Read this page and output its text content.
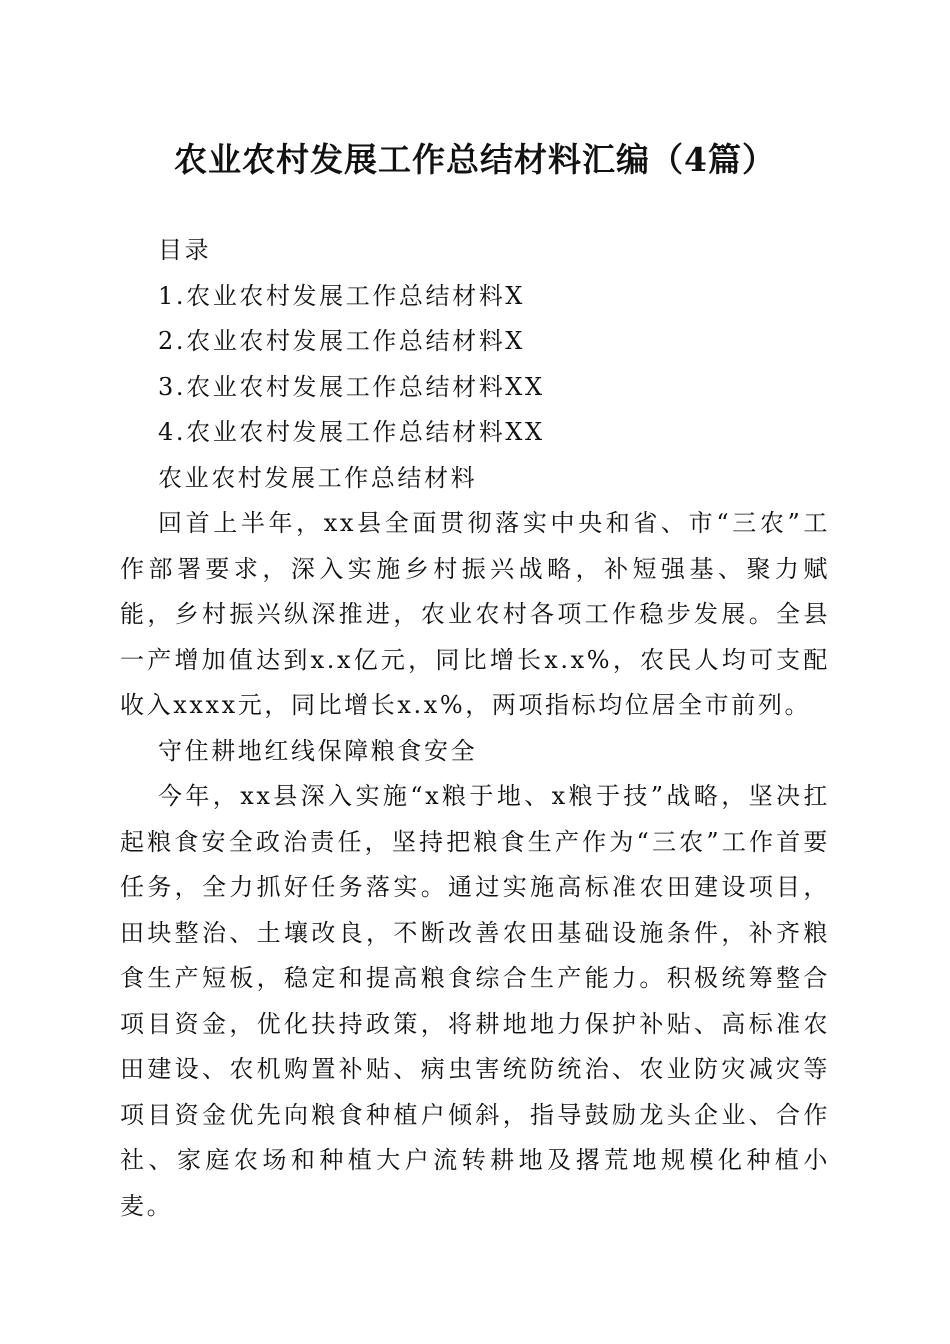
农业农村发展工作总结材料汇编（4篇）

目录

1.农业农村发展工作总结材料X

2.农业农村发展工作总结材料X

3.农业农村发展工作总结材料XX

4.农业农村发展工作总结材料XX

农业农村发展工作总结材料

回首上半年，xx县全面贯彻落实中央和省、市“三农”工作部署要求，深入实施乡村振兴战略，补短强基、聚力赋能，乡村振兴纵深推进，农业农村各项工作稳步发展。全县一产增加值达到x.x亿元，同比增长x.x%，农民人均可支配收入xxxx元，同比增长x.x%，两项指标均位居全市前列。

守住耕地红线保障粮食安全

今年，xx县深入实施“x粮于地、x粮于技”战略，坚决扛起粮食安全政治责任，坚持把粮食生产作为“三农”工作首要任务，全力抓好任务落实。通过实施高标准农田建设项目，田块整治、土壤改良，不断改善农田基础设施条件，补齐粮食生产短板，稳定和提高粮食综合生产能力。积极统筹整合项目资金，优化扶持政策，将耕地地力保护补贴、高标准农田建设、农机购置补贴、病虫害统防统治、农业防灾减灾等项目资金优先向粮食种植户倾斜，指导鼓励龙头企业、合作社、家庭农场和种植大户流转耕地及撂荒地规模化种植小麦。
